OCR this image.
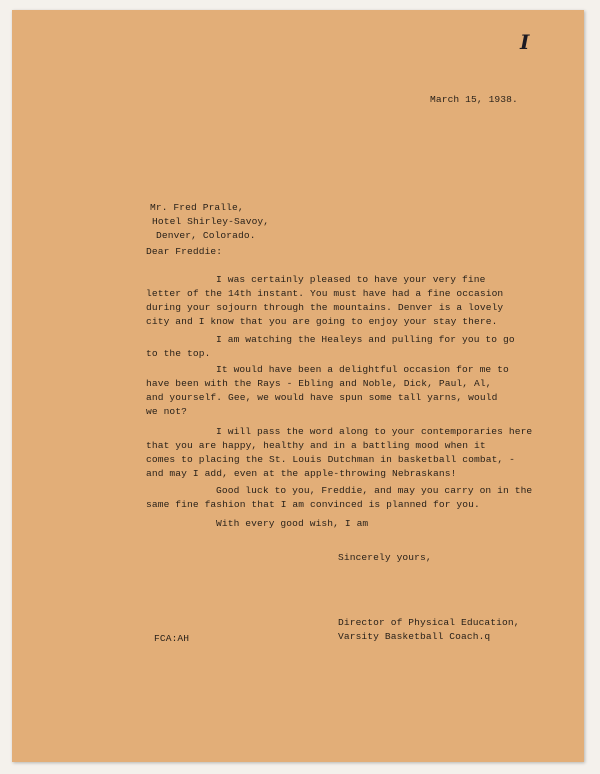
I
March 15, 1938.
Mr. Fred Pralle,
Hotel Shirley-Savoy,
Denver, Colorado.
Dear Freddie:
I was certainly pleased to have your very fine
letter of the 14th instant. You must have had a fine occasion
during your sojourn through the mountains. Denver is a lovely
city and I know that you are going to enjoy your stay there.
I am watching the Healeys and pulling for you to go
to the top.
It would have been a delightful occasion for me to
have been with the Rays - Ebling and Noble, Dick, Paul, Al,
and yourself. Gee, we would have spun some tall yarns, would
we not?
I will pass the word along to your contemporaries here
that you are happy, healthy and in a battling mood when it
comes to placing the St. Louis Dutchman in basketball combat, -
and may I add, even at the apple-throwing Nebraskans!
Good luck to you, Freddie, and may you carry on in the
same fine fashion that I am convinced is planned for you.
With every good wish, I am
Sincerely yours,
FCA:AH
Director of Physical Education,
Varsity Basketball Coach.q
